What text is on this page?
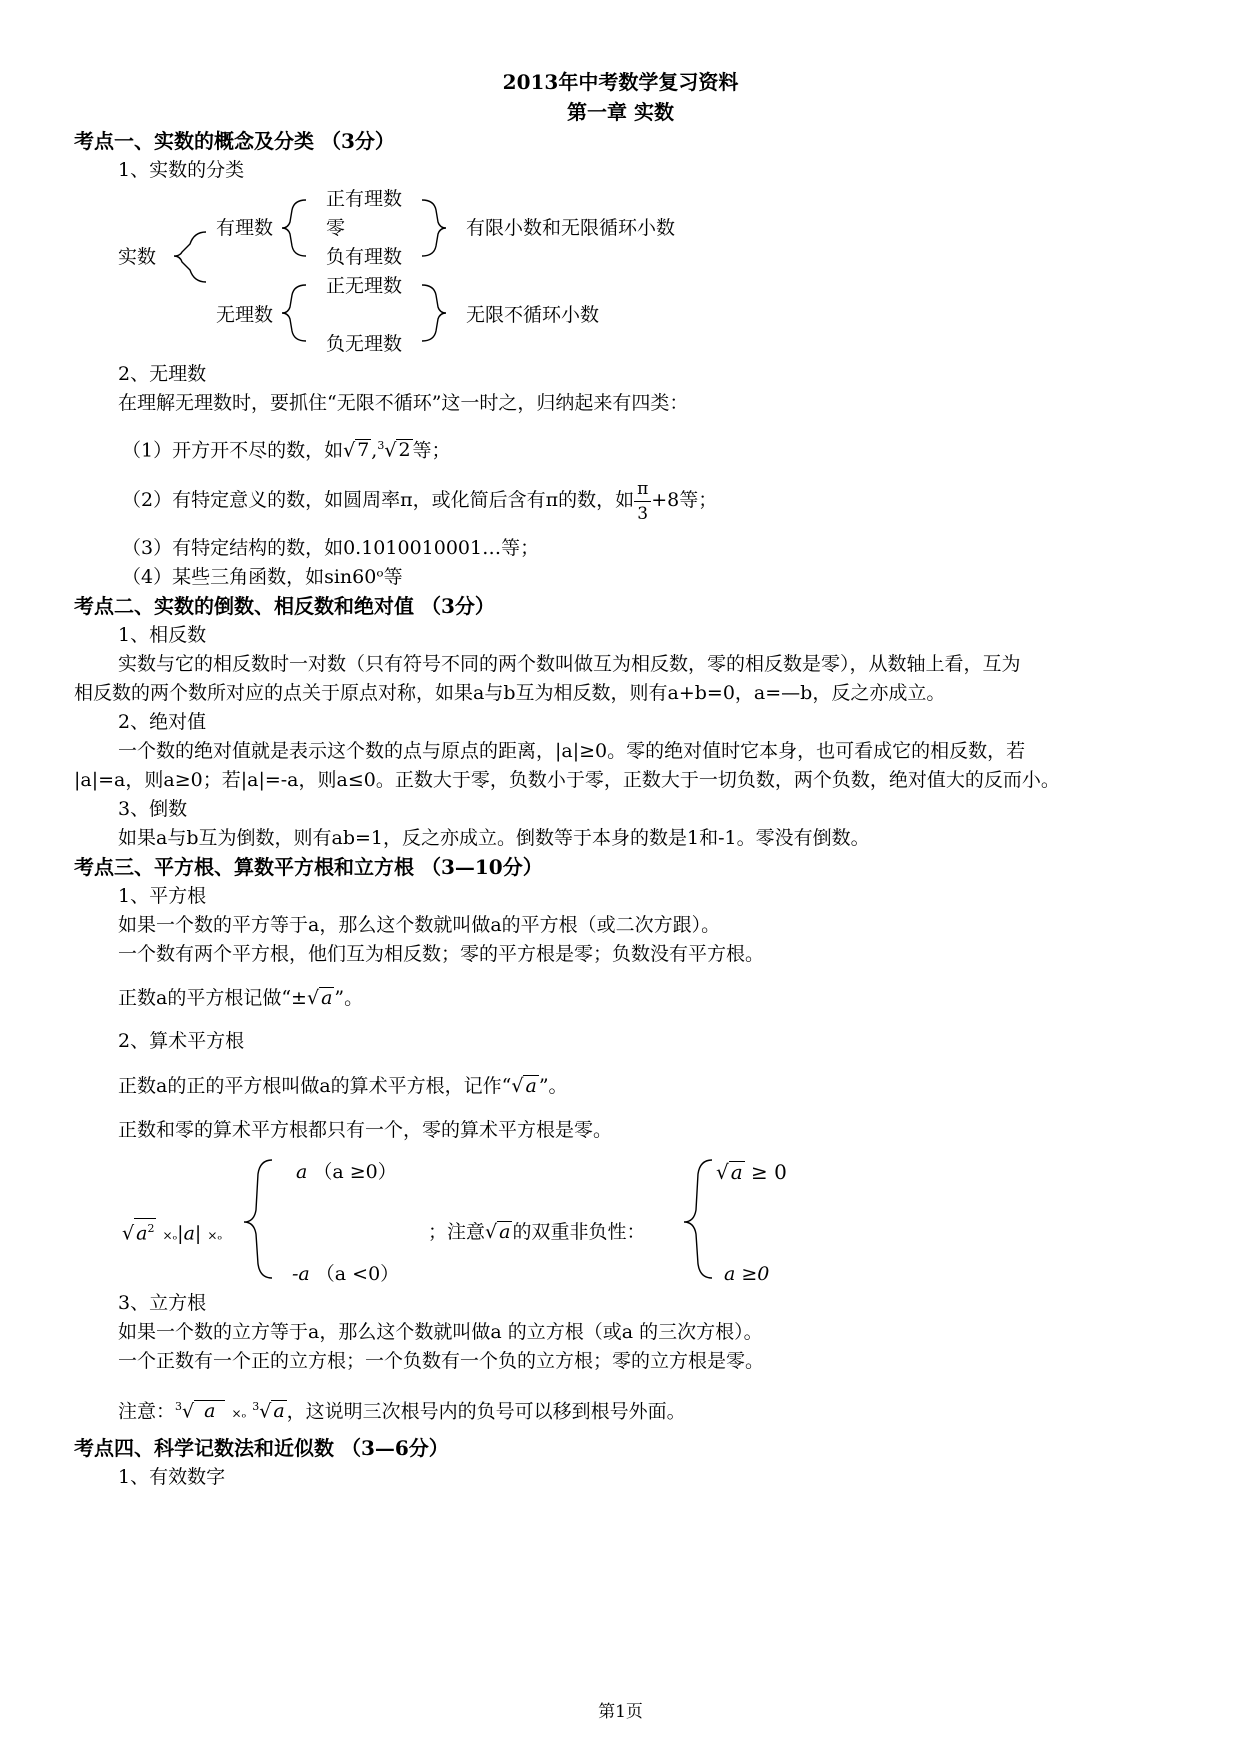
2013年中考数学复习资料
第一章 实数
考点一、实数的概念及分类 （3分）
1、实数的分类
实数
有理数
无理数
正有理数
零
负有理数
正无理数
负无理数
有限小数和无限循环小数
无限不循环小数
2、无理数
在理解无理数时，要抓住“无限不循环”这一时之，归纳起来有四类：
（1）开方开不尽的数，如√ 7 ,$^3$√ 2 等；
（2）有特定意义的数，如圆周率π，或化简后含有π的数，如 $\frac{\pi}{3} +8$等；
（3）有特定结构的数，如0.1010010001…等；
（4）某些三角函数，如sin60ᵒ等
考点二、实数的倒数、相反数和绝对值 （3分）
1、相反数
实数与它的相反数时一对数（只有符号不同的两个数叫做互为相反数，零的相反数是零），从数轴上看，互为
相反数的两个数所对应的点关于原点对称，如果a与b互为相反数，则有a+b=0，a=—b，反之亦成立。
2、绝对值
一个数的绝对值就是表示这个数的点与原点的距离，|a|≥0。零的绝对值时它本身，也可看成它的相反数，若
|a|=a，则a≥0；若|a|=-a，则a≤0。正数大于零，负数小于零，正数大于一切负数，两个负数，绝对值大的反而小。
3、倒数
如果a与b互为倒数，则有ab=1，反之亦成立。倒数等于本身的数是1和-1。零没有倒数。
考点三、平方根、算数平方根和立方根 （3—10分）
1、平方根
如果一个数的平方等于a，那么这个数就叫做a的平方根（或二次方跟）。
一个数有两个平方根，他们互为相反数；零的平方根是零；负数没有平方根。
正数a的平方根记做“±√ a ”。
2、算术平方根
正数a的正的平方根叫做a的算术平方根，记作“√ a ”。
正数和零的算术平方根都只有一个，零的算术平方根是零。
√ $a^2 \times_o|a| \times_o$
a （a ≥0）
-a （a <0）
；注意√ a 的双重非负性：
√ a ≥ 0
a ≥0
3、立方根
如果一个数的立方等于a，那么这个数就叫做a 的立方根（或a 的三次方根）。
一个正数有一个正的立方根；一个负数有一个负的立方根；零的立方根是零。
注意：$^3$√ a ×ₒ $^3$√ a ，这说明三次根号内的负号可以移到根号外面。
考点四、科学记数法和近似数 （3—6分）
1、有效数字
第1页
